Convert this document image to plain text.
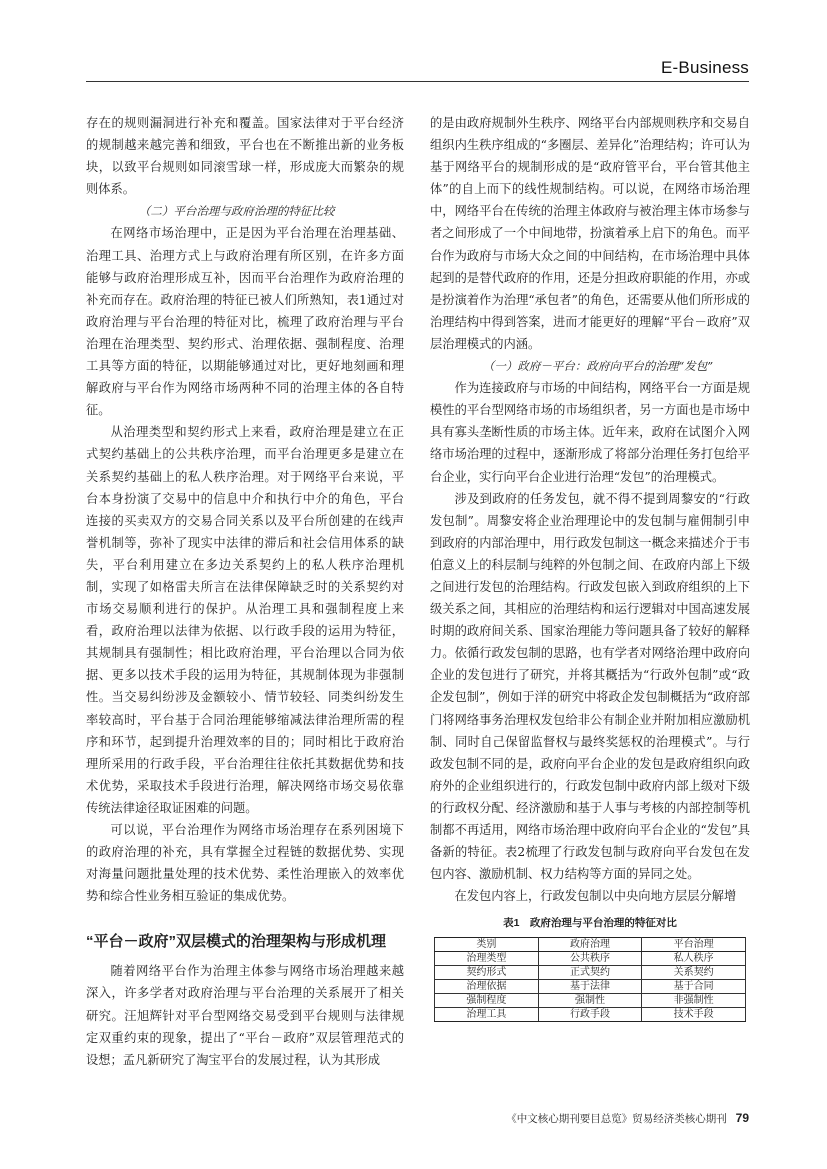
E-Business

存在的规则漏洞进行补充和覆盖。国家法律对于平台经济的规制越来越完善和细致，平台也在不断推出新的业务板块，以致平台规则如同滚雪球一样，形成庞大而繁杂的规则体系。

（二）平台治理与政府治理的特征比较

在网络市场治理中，正是因为平台治理在治理基础、治理工具、治理方式上与政府治理有所区别，在许多方面能够与政府治理形成互补，因而平台治理作为政府治理的补充而存在。政府治理的特征已被人们所熟知，表1通过对政府治理与平台治理的特征对比，梳理了政府治理与平台治理在治理类型、契约形式、治理依据、强制程度、治理工具等方面的特征，以期能够通过对比，更好地刻画和理解政府与平台作为网络市场两种不同的治理主体的各自特征。

从治理类型和契约形式上来看，政府治理是建立在正式契约基础上的公共秩序治理，而平台治理更多是建立在关系契约基础上的私人秩序治理。对于网络平台来说，平台本身扮演了交易中的信息中介和执行中介的角色，平台连接的买卖双方的交易合同关系以及平台所创建的在线声誉机制等，弥补了现实中法律的滞后和社会信用体系的缺失，平台利用建立在多边关系契约上的私人秩序治理机制，实现了如格雷夫所言在法律保障缺乏时的关系契约对市场交易顺利进行的保护。从治理工具和强制程度上来看，政府治理以法律为依据、以行政手段的运用为特征，其规制具有强制性；相比政府治理，平台治理以合同为依据、更多以技术手段的运用为特征，其规制体现为非强制性。当交易纠纷涉及金额较小、情节较轻、同类纠纷发生率较高时，平台基于合同治理能够缩减法律治理所需的程序和环节，起到提升治理效率的目的；同时相比于政府治理所采用的行政手段，平台治理往往依托其数据优势和技术优势，采取技术手段进行治理，解决网络市场交易依靠传统法律途径取证困难的问题。

可以说，平台治理作为网络市场治理存在系列困境下的政府治理的补充，具有掌握全过程链的数据优势、实现对海量问题批量处理的技术优势、柔性治理嵌入的效率优势和综合性业务相互验证的集成优势。

“平台－政府”双层模式的治理架构与形成机理

随着网络平台作为治理主体参与网络市场治理越来越深入，许多学者对政府治理与平台治理的关系展开了相关研究。汪旭辉针对平台型网络交易受到平台规则与法律规定双重约束的现象，提出了“平台－政府”双层管理范式的设想；孟凡新研究了淘宝平台的发展过程，认为其形成

的是由政府规制外生秩序、网络平台内部规则秩序和交易自组织内生秩序组成的“多圈层、差异化”治理结构；许可认为基于网络平台的规制形成的是“政府管平台，平台管其他主体”的自上而下的线性规制结构。可以说，在网络市场治理中，网络平台在传统的治理主体政府与被治理主体市场参与者之间形成了一个中间地带，扮演着承上启下的角色。而平台作为政府与市场大众之间的中间结构，在市场治理中具体起到的是替代政府的作用，还是分担政府职能的作用，亦或是扮演着作为治理“承包者”的角色，还需要从他们所形成的治理结构中得到答案，进而才能更好的理解“平台－政府”双层治理模式的内涵。

（一）政府－平台：政府向平台的治理“发包”

作为连接政府与市场的中间结构，网络平台一方面是规模性的平台型网络市场的市场组织者，另一方面也是市场中具有寡头垄断性质的市场主体。近年来，政府在试图介入网络市场治理的过程中，逐渐形成了将部分治理任务打包给平台企业，实行向平台企业进行治理“发包”的治理模式。

涉及到政府的任务发包，就不得不提到周黎安的“行政发包制”。周黎安将企业治理理论中的发包制与雇佣制引申到政府的内部治理中，用行政发包制这一概念来描述介于韦伯意义上的科层制与纯粹的外包制之间、在政府内部上下级之间进行发包的治理结构。行政发包嵌入到政府组织的上下级关系之间，其相应的治理结构和运行逻辑对中国高速发展时期的政府间关系、国家治理能力等问题具备了较好的解释力。依循行政发包制的思路，也有学者对网络治理中政府向企业的发包进行了研究，并将其概括为“行政外包制”或“政企发包制”，例如于洋的研究中将政企发包制概括为“政府部门将网络事务治理权发包给非公有制企业并附加相应激励机制、同时自己保留监督权与最终奖惩权的治理模式”。与行政发包制不同的是，政府向平台企业的发包是政府组织向政府外的企业组织进行的，行政发包制中政府内部上级对下级的行政权分配、经济激励和基于人事与考核的内部控制等机制都不再适用，网络市场治理中政府向平台企业的“发包”具备新的特征。表2梳理了行政发包制与政府向平台发包在发包内容、激励机制、权力结构等方面的异同之处。

在发包内容上，行政发包制以中央向地方层层分解增

表1　政府治理与平台治理的特征对比
类别	政府治理	平台治理
治理类型	公共秩序	私人秩序
契约形式	正式契约	关系契约
治理依据	基于法律	基于合同
强制程度	强制性	非强制性
治理工具	行政手段	技术手段
《中文核心期刊要目总览》贸易经济类核心期刊 79
